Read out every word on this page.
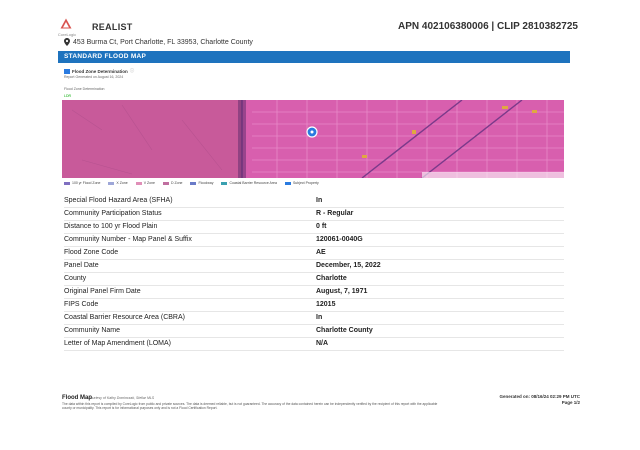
CoreLogic
REALIST	APN 402106380006 | CLIP 2810382725
453 Burma Ct, Port Charlotte, FL 33953, Charlotte County
STANDARD FLOOD MAP
Flood Zone Determination ⓘ
Report Generated on August 16, 2024
Flood Zone Determination
LDR
100 yr Flood Zone	X Zone	V Zone	D Zone	Floodway	Coastal Barrier Resource Area	Subject Property
Special Flood Hazard Area (SFHA)	In
Community Participation Status	R - Regular
Distance to 100 yr Flood Plain	0 ft
Community Number - Map Panel & Suffix	120061-0040G
Flood Zone Code	AE
Panel Date	December, 15, 2022
County	Charlotte
Original Panel Firm Date	August, 7, 1971
FIPS Code	12015
Coastal Barrier Resource Area (CBRA)	In
Community Name	Charlotte County
Letter of Map Amendment (LOMA)	N/A
Flood Map
Courtesy of Kathy Dominczak, Stellar MLS
The data within this report is compiled by CoreLogic from public and private sources. The data is deemed reliable, but is not guaranteed. The accuracy of the data contained herein can be independently verified by the recipient of this report with the applicable county or municipality. This report is for informational purposes only and is not a Flood Certification Report.
Generated on: 08/16/24 02:29 PM UTC
Page 1/2
